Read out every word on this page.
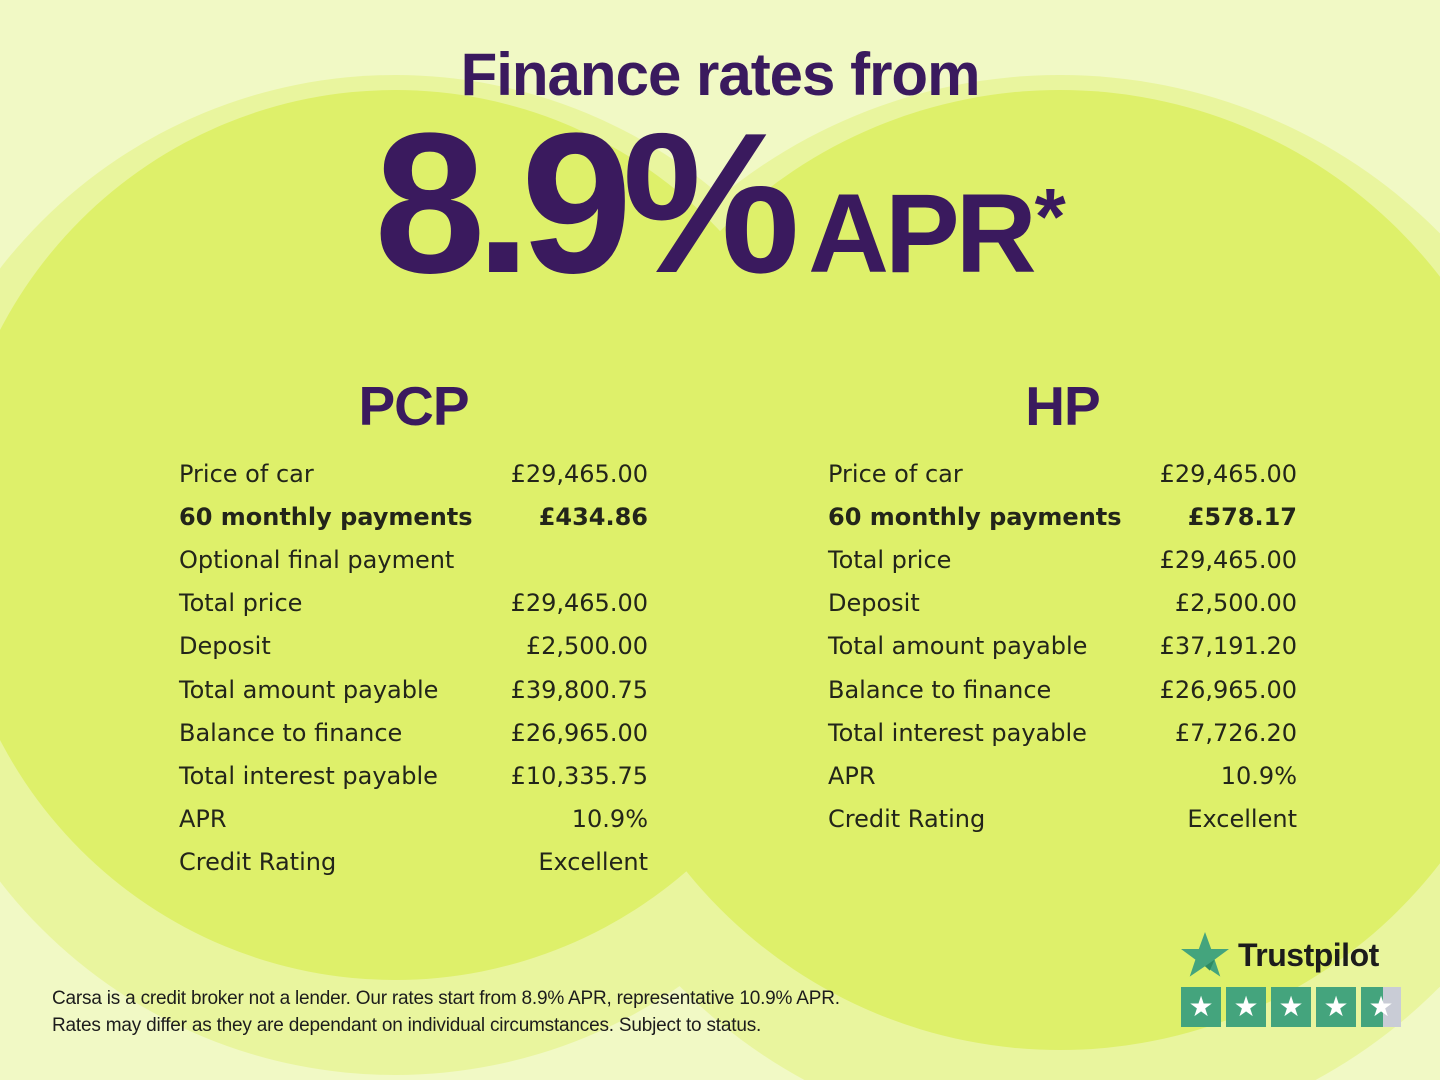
Finance rates from
8.9% APR *
PCP	HP
Price of car	£29,465.00
60 monthly payments	£434.86
Optional final payment
Total price	£29,465.00
Deposit	£2,500.00
Total amount payable	£39,800.75
Balance to finance	£26,965.00
Total interest payable	£10,335.75
APR	10.9%
Credit Rating	Excellent
Price of car	£29,465.00
60 monthly payments	£578.17
Total price	£29,465.00
Deposit	£2,500.00
Total amount payable	£37,191.20
Balance to finance	£26,965.00
Total interest payable	£7,726.20
APR	10.9%
Credit Rating	Excellent
Carsa is a credit broker not a lender. Our rates start from 8.9% APR, representative 10.9% APR.
Rates may differ as they are dependant on individual circumstances. Subject to status.
Trustpilot
★ ★ ★ ★ ★
